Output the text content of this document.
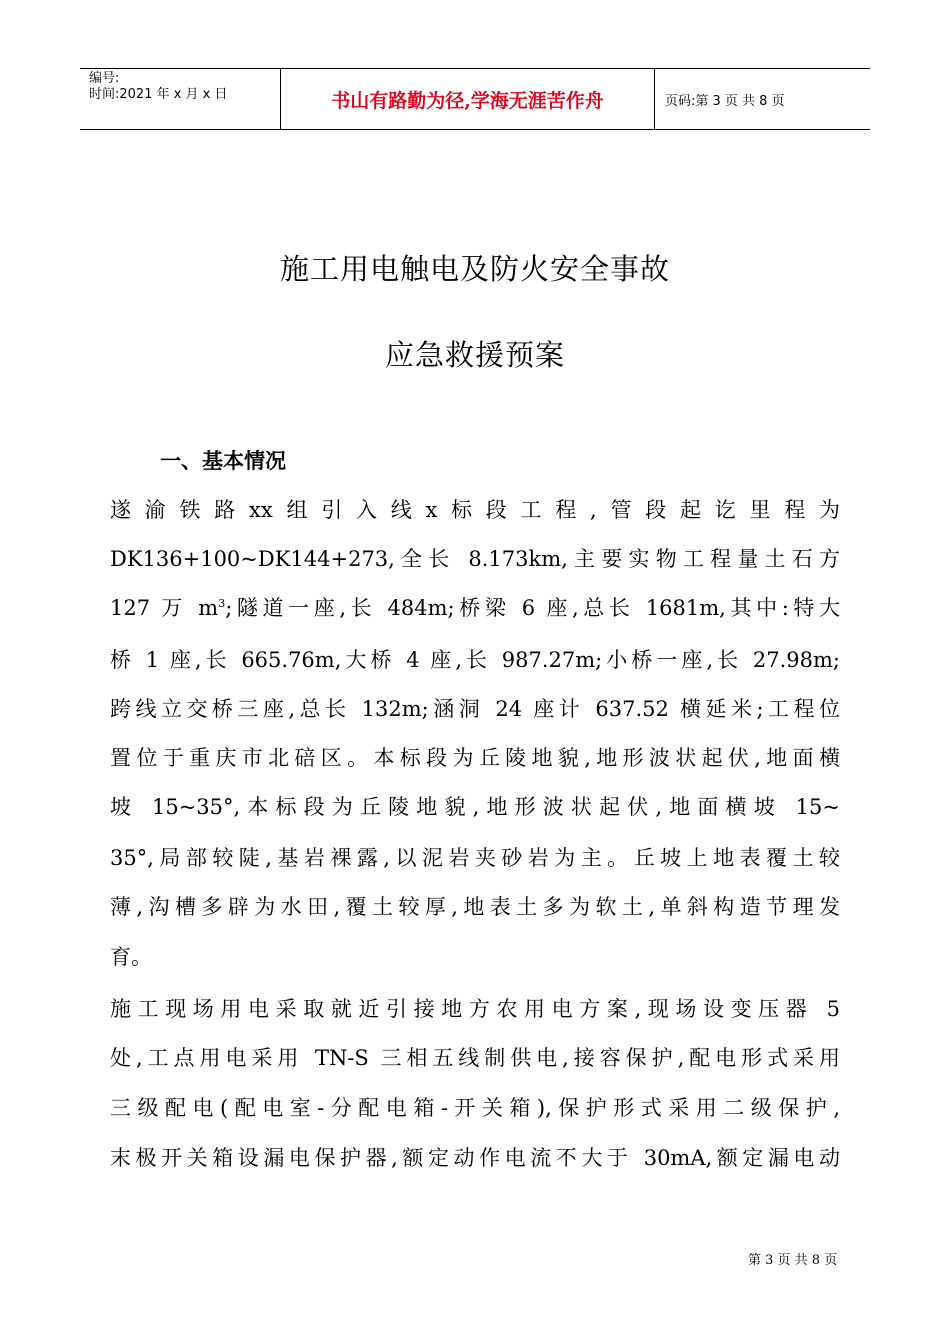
编号:
时间:2021 年 x 月 x 日	书山有路勤为径,学海无涯苦作舟	页码:第 3 页 共 8 页
施工用电触电及防火安全事故
应急救援预案
一、基本情况
遂渝铁路xx组引入线x标段工程,管段起讫里程为
DK136+100~DK144+273,全长 8.173km,主要实物工程量土石方
127 万 $m^3$;隧道一座,长 484m;桥梁 6 座,总长 1681m,其中:特大
桥 1 座,长 665.76m,大桥 4 座,长 987.27m;小桥一座,长 27.98m;
跨线立交桥三座,总长 132m;涵洞 24 座计 637.52 横延米;工程位
置位于重庆市北碚区。本标段为丘陵地貌,地形波状起伏,地面横
坡 15~35°,本标段为丘陵地貌,地形波状起伏,地面横坡 15~
35°,局部较陡,基岩裸露,以泥岩夹砂岩为主。丘坡上地表覆土较
薄,沟槽多辟为水田,覆土较厚,地表土多为软土,单斜构造节理发
育。
施工现场用电采取就近引接地方农用电方案,现场设变压器 5
处,工点用电采用 TN-S 三相五线制供电,接容保护,配电形式采用
三级配电(配电室-分配电箱-开关箱),保护形式采用二级保护,
末极开关箱设漏电保护器,额定动作电流不大于 30mA,额定漏电动
第 3 页 共 8 页
